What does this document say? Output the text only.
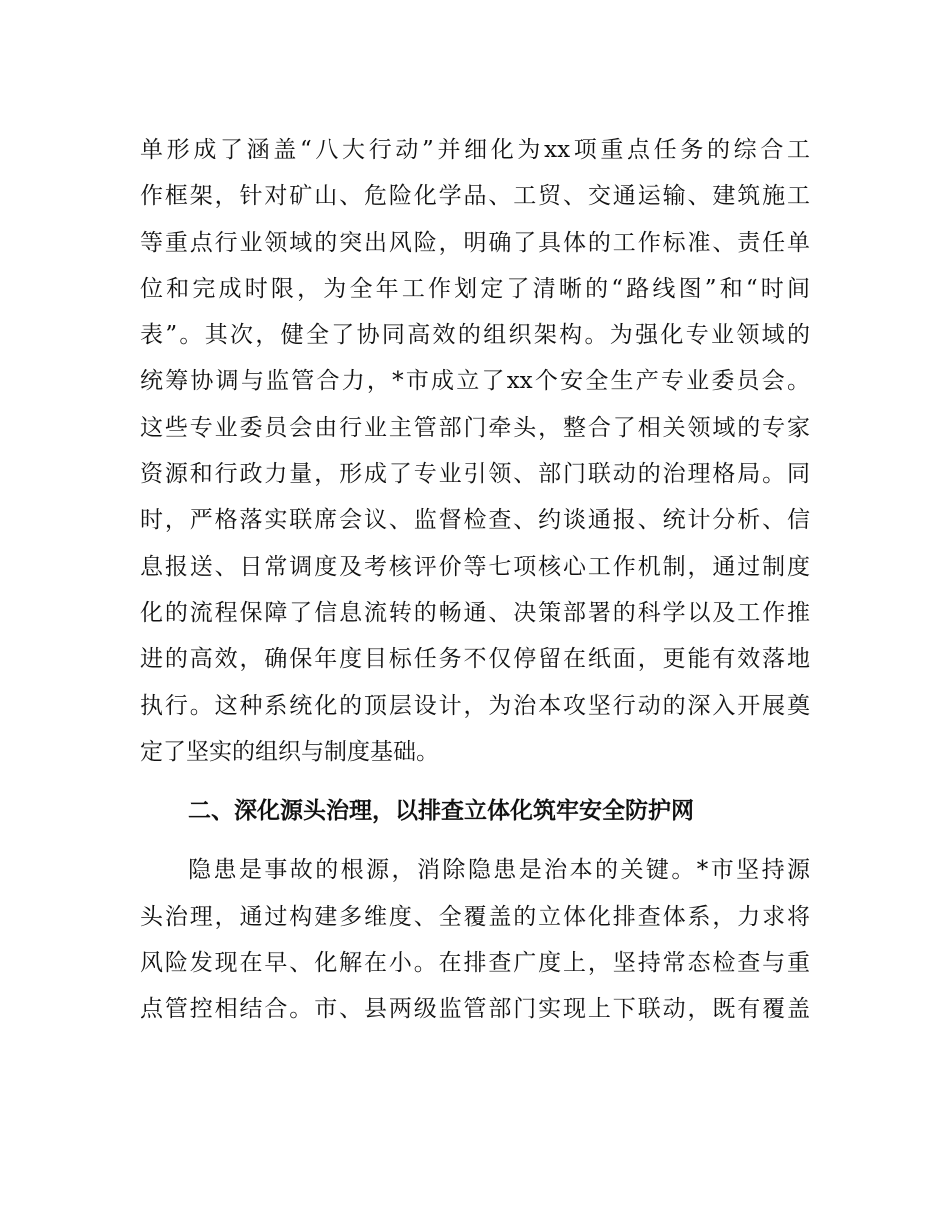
单形成了涵盖“八大行动”并细化为xx项重点任务的综合工
作框架，针对矿山、危险化学品、工贸、交通运输、建筑施工
等重点行业领域的突出风险，明确了具体的工作标准、责任单
位和完成时限，为全年工作划定了清晰的“路线图”和“时间
表”。其次，健全了协同高效的组织架构。为强化专业领域的
统筹协调与监管合力，*市成立了xx个安全生产专业委员会。
这些专业委员会由行业主管部门牵头，整合了相关领域的专家
资源和行政力量，形成了专业引领、部门联动的治理格局。同
时，严格落实联席会议、监督检查、约谈通报、统计分析、信
息报送、日常调度及考核评价等七项核心工作机制，通过制度
化的流程保障了信息流转的畅通、决策部署的科学以及工作推
进的高效，确保年度目标任务不仅停留在纸面，更能有效落地
执行。这种系统化的顶层设计，为治本攻坚行动的深入开展奠
定了坚实的组织与制度基础。
二、深化源头治理，以排查立体化筑牢安全防护网
隐患是事故的根源，消除隐患是治本的关键。*市坚持源
头治理，通过构建多维度、全覆盖的立体化排查体系，力求将
风险发现在早、化解在小。在排查广度上，坚持常态检查与重
点管控相结合。市、县两级监管部门实现上下联动，既有覆盖
